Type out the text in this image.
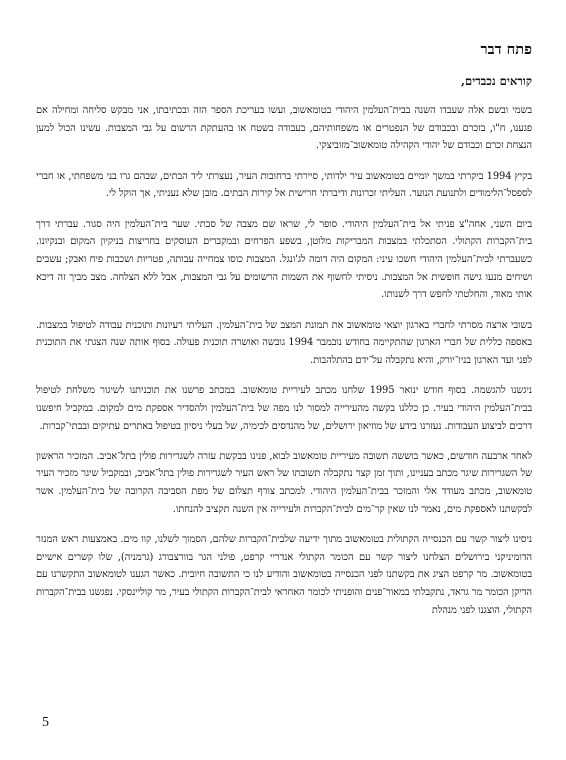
פתח דבר
קוראים נכבדים,

בשמי ובשם אלה שעבדו השנה בבית־העלמין היהודי בטומאשוב, ועשו בעריכת הספר הזה ובכתיבתו, אני מבקש סליחה ומחילה אם פגענו, ח"ו, בזכרם ובכבודם של הנפטרים או משפחותיהם, בעבודה בשטח או בהעתקת הרשום על גבי המצבות. עשינו הכול למען הנצחת זכרם וכבודם של יהודי הקהילה טומאשוב־מזוביצקי.

בקיץ 1994 ביקרתי במשך יומיים בטומאשוב עיר ילדותי, סיירתי ברחובות העיר, נעצרתי ליד הבתים, שבהם גרו בני משפחתי, או חברי לספסל־הלימודים ולתנועת הנוער. העליתי זכרונות ודיברתי חרישית אל קירות הבתים. מובן שלא נעניתי, אך הוקל לי.

ביום השני, אחה"צ פניתי אל בית־העלמין היהודי. סופר לי, שראו שם מצבה של סבתי. שער בית־העלמין היה סגור. עברתי דרך בית־הקברות הקתולי. הסתכלתי במצבות המבריקות מלוטן, בשפע הפרחים ובמקברים העוסקים בחריצות בניקיון המקום ובנקיונו. כשעברתי לבית־העלמין היהודי חשכו עיני: המקום היה דומה לג'ונגל. המצבות כוסו צמחייה עבותה, פטריות ושכבות פיח ואבק; עשבים ושיחים מנעו גישה חופשית אל המצבות. ניסיתי לחשוף את השמות הרשומים על גבי המצבות, אבל ללא הצלחה. מצב מביך זה דיכא אותי מאוד, והחלטתי לחפש דרך לשנותו.

בשובי ארצה מסרתי לחברי בארגון יוצאי טומאשוב את תמונת המצב של בית־העלמין. העליתי רעיונות ותוכנית עבודה לטיפול במצבות. באספה כללית של חברי הארגון שהתקיימה בחודש נובמבר 1994 גובשה ואושרה תוכנית פעולה. בסוף אותה שנה הצגתי את התוכנית לפני ועד הארגון בניו־יורק, והיא נתקבלה על־ידם בהתלהבות.

ניגשנו להגשמה. בסוף חודש ינואר 1995 שלחנו מכתב לעיריית טומאשוב. במכתב פרשנו את תוכניתנו לשיגור משלחת לטיפול בבית־העלמין היהודי בעיר. כן כללנו בקשה מהעירייה למסור לנו מפה של בית־העלמין ולהסדיר אספקת מים למקום. במקביל חיפשנו דרכים לביצוע העבודות. נעזרנו בידע של מוזיאון ירושלים, של מהנדסים לכימיה, של בעלי ניסיון בטיפול באתרים עתיקים ובבתי־קברות.

לאחר ארבעה חודשים, כאשר בוששה תשובה מעיריית טומאשוב לבוא, פנינו בבקשת עזרה לשגרירות פולין בתל־אביב. המזכיר הראשון של השגרירות שיגר מכתב בעניינו, ותוך זמן קצר נתקבלה תשובתו של ראש העיר לשגרירות פולין בתל־אביב, ובמקביל שיגר מזכיר העיר טומאשוב, מכתב מעודד אלי והמזכר בבית־העלמין היהודי. למכתב צורף תצלום של מפת הסביבה הקרובה של בית־העלמין. אשר לבקשתנו לאספקת מים, נאמר לנו שאין קר־מים לבית־הקברות ולעירייה אין השנה תקציב להנחתו.

ניסינו ליצור קשר עם הכנסייה הקתולית בטומאשוב מתוך ידיעה שלבית־הקברות שלהם, הסמוך לשלנו, קוו מים. באמצעות ראש המנזר הדומיניקני בירושלים הצלחנו ליצור קשר עם הכומר הקתולי אנדריי קרפט, פולני הגר בוורצבורג (גרמניה), שלו קשרים אישיים בטומאשוב. מר קרפט הציג את בקשתנו לפני הכנסייה בטומאשוב והודיע לנו כי התשובה חיובית. כאשר הגענו לטומאשוב התקשרנו עם הדיקן הכומר מר גראד, נתקבלתי במאור־פנים והופניתי לכומר האחראי לבית־הקברות הקתולי בעיר, מר קוליינסקי. נפגשנו בבית־הקברות הקתולי, הוצגנו לפני מנהלת

5
